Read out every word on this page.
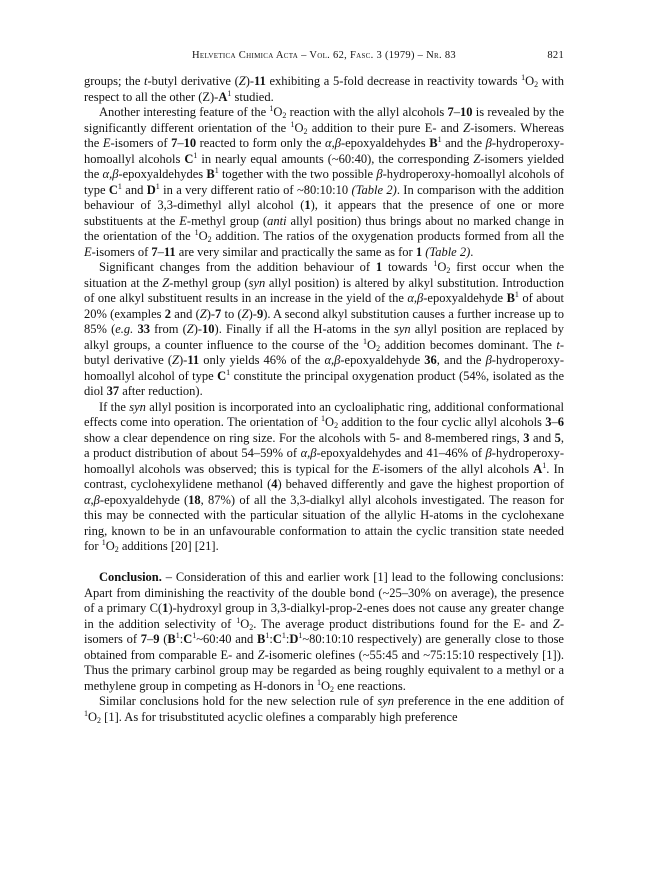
Helvetica Chimica Acta – Vol. 62, Fasc. 3 (1979) – Nr. 83	821

groups; the t-butyl derivative (Z)-11 exhibiting a 5-fold decrease in reactivity towards $^1O_2$ with respect to all the other $(Z)-A^1$ studied.

Another interesting feature of the $^1O_2$ reaction with the allyl alcohols 7–10 is revealed by the significantly different orientation of the $^1O_2$ addition to their pure E- and Z-isomers. Whereas the E-isomers of 7–10 reacted to form only the α,β-epoxyaldehydes $B^1$ and the β-hydroperoxy-homoallyl alcohols $C^1$ in nearly equal amounts (~60:40), the corresponding Z-isomers yielded the α,β-epoxyaldehydes $B^1$ together with the two possible β-hydroperoxy-homoallyl alcohols of type $C^1$ and $D^1$ in a very different ratio of ~80:10:10 (Table 2). In comparison with the addition behaviour of 3,3-dimethyl allyl alcohol (1), it appears that the presence of one or more substituents at the E-methyl group (anti allyl position) thus brings about no marked change in the orientation of the $^1O_2$ addition. The ratios of the oxygenation products formed from all the E-isomers of 7–11 are very similar and practically the same as for 1 (Table 2).

Significant changes from the addition behaviour of 1 towards $^1O_2$ first occur when the situation at the Z-methyl group (syn allyl position) is altered by alkyl substitution. Introduction of one alkyl substituent results in an increase in the yield of the α,β-epoxyaldehyde $B^1$ of about 20% (examples 2 and (Z)-7 to (Z)-9). A second alkyl substitution causes a further increase up to 85% (e.g. 33 from (Z)-10). Finally if all the H-atoms in the syn allyl position are replaced by alkyl groups, a counter influence to the course of the $^1O_2$ addition becomes dominant. The t-butyl derivative (Z)-11 only yields 46% of the α,β-epoxyaldehyde 36, and the β-hydroperoxy-homoallyl alcohol of type $C^1$ constitute the principal oxygenation product (54%, isolated as the diol 37 after reduction).

If the syn allyl position is incorporated into an cycloaliphatic ring, additional conformational effects come into operation. The orientation of $^1O_2$ addition to the four cyclic allyl alcohols 3–6 show a clear dependence on ring size. For the alcohols with 5- and 8-membered rings, 3 and 5, a product distribution of about 54–59% of α,β-epoxyaldehydes and 41–46% of β-hydroperoxy-homoallyl alcohols was observed; this is typical for the E-isomers of the allyl alcohols $A^1$. In contrast, cyclohexylidene methanol (4) behaved differently and gave the highest proportion of α,β-epoxyaldehyde (18, 87%) of all the 3,3-dialkyl allyl alcohols investigated. The reason for this may be connected with the particular situation of the allylic H-atoms in the cyclohexane ring, known to be in an unfavourable conformation to attain the cyclic transition state needed for $^1O_2$ additions [20] [21].

Conclusion. – Consideration of this and earlier work [1] lead to the following conclusions: Apart from diminishing the reactivity of the double bond (~25–30% on average), the presence of a primary C(1)-hydroxyl group in 3,3-dialkyl-prop-2-enes does not cause any greater change in the addition selectivity of $^1O_2$. The average product distributions found for the E- and Z-isomers of 7–9 ($B^1:C^1\sim 60:40$ and $B^1:C^1:D^1\sim 80:10:10$ respectively) are generally close to those obtained from comparable E- and Z-isomeric olefines (~55:45 and ~75:15:10 respectively [1]). Thus the primary carbinol group may be regarded as being roughly equivalent to a methyl or a methylene group in competing as H-donors in $^1O_2$ ene reactions.

Similar conclusions hold for the new selection rule of syn preference in the ene addition of $^1O_2$ [1]. As for trisubstituted acyclic olefines a comparably high preference
